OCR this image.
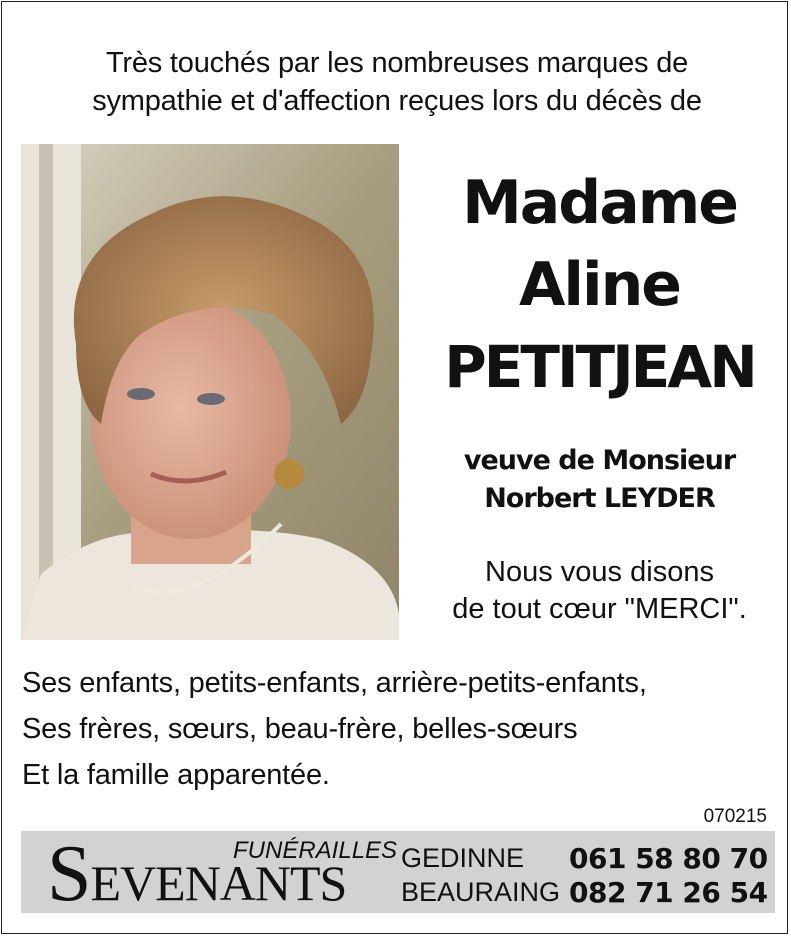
Très touchés par les nombreuses marques de
sympathie et d'affection reçues lors du décès de
Madame
Aline
PETITJEAN
veuve de Monsieur
Norbert LEYDER
Nous vous disons
de tout cœur "MERCI".
Ses enfants, petits-enfants, arrière-petits-enfants,
Ses frères, sœurs, beau-frère, belles-sœurs
Et la famille apparentée.
070215
FUNÉRAILLES
SEVENANTS GEDINNE 061 58 80 70
BEAURAING 082 71 26 54
